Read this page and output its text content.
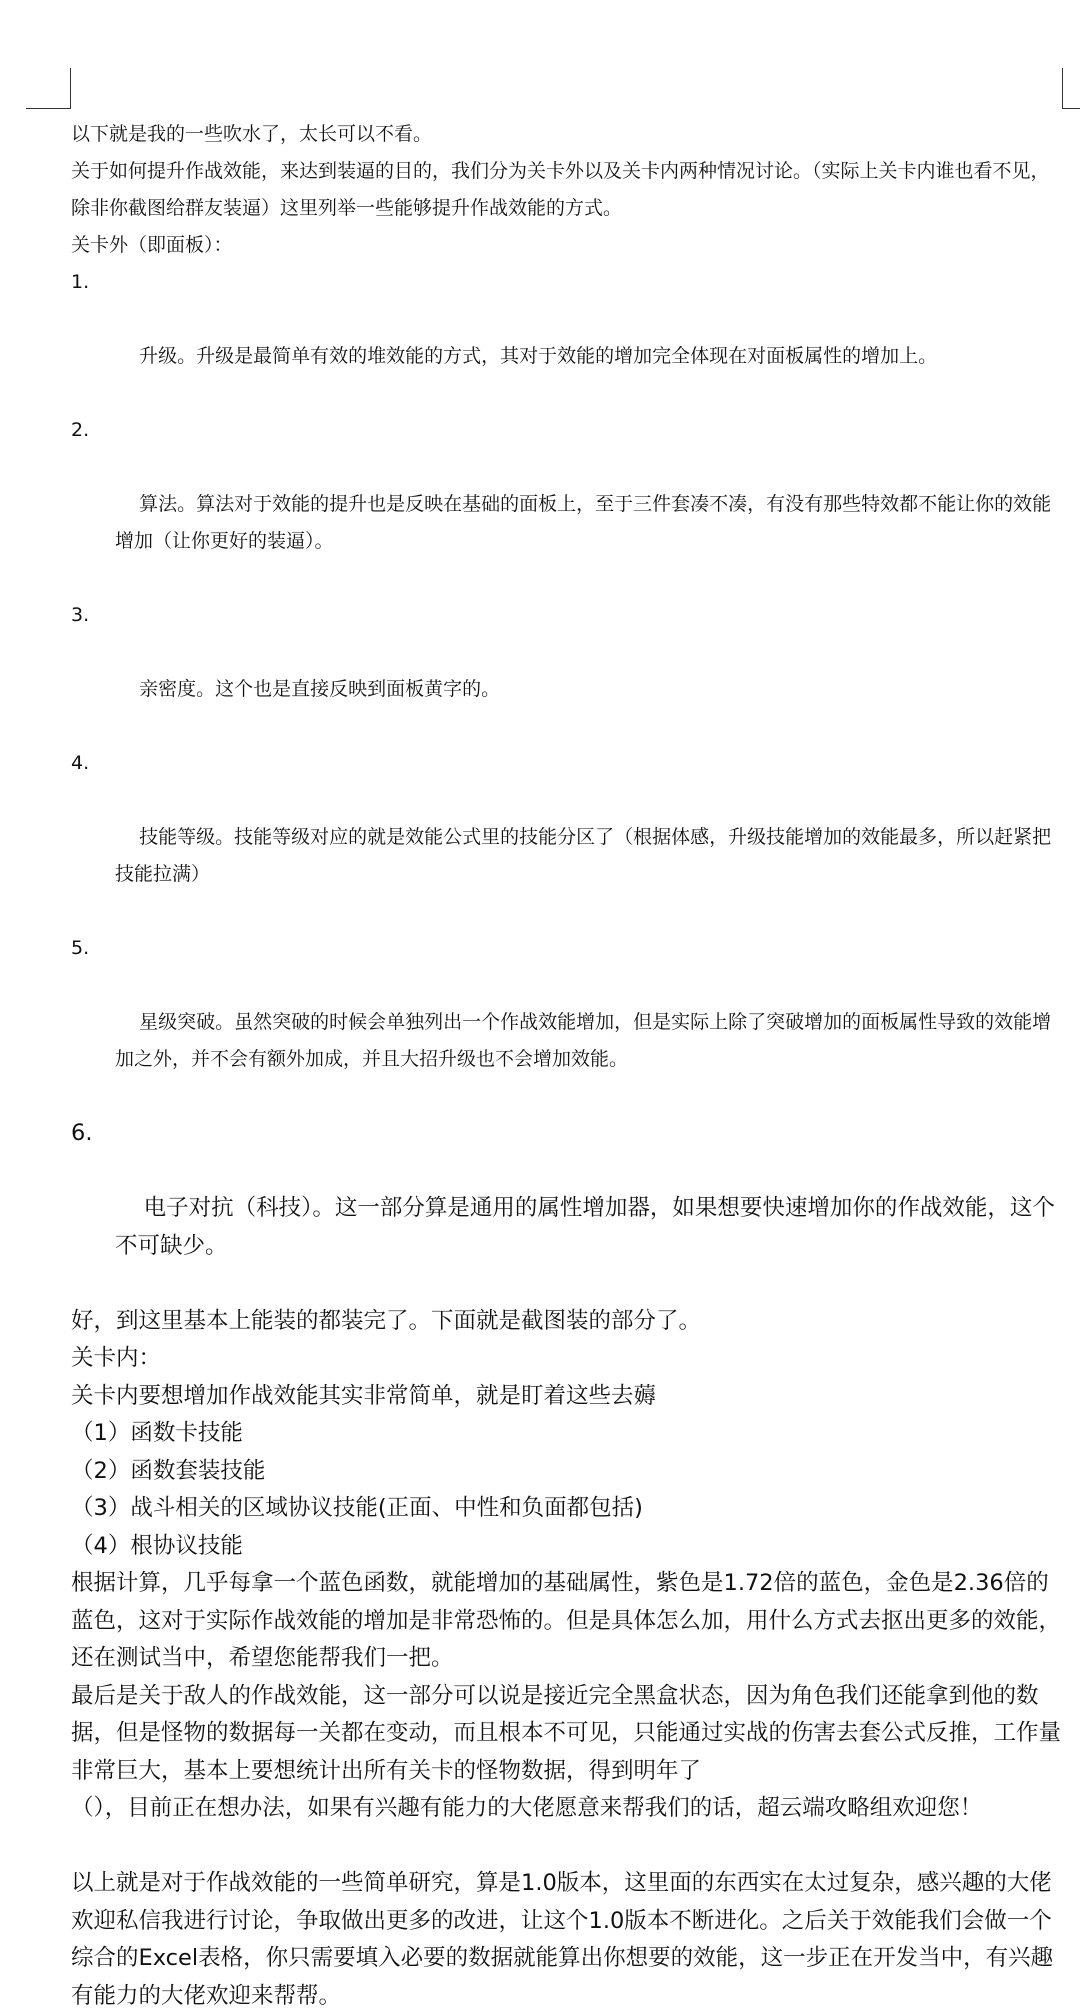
以下就是我的一些吹水了，太长可以不看。

关于如何提升作战效能，来达到装逼的目的，我们分为关卡外以及关卡内两种情况讨论。（实际上关卡内谁也看不见，除非你截图给群友装逼）这里列举一些能够提升作战效能的方式。

关卡外（即面板）：

1.

升级。升级是最简单有效的堆效能的方式，其对于效能的增加完全体现在对面板属性的增加上。

2.

算法。算法对于效能的提升也是反映在基础的面板上，至于三件套凑不凑，有没有那些特效都不能让你的效能增加（让你更好的装逼）。

3.

亲密度。这个也是直接反映到面板黄字的。

4.

技能等级。技能等级对应的就是效能公式里的技能分区了（根据体感，升级技能增加的效能最多，所以赶紧把技能拉满）

5.

星级突破。虽然突破的时候会单独列出一个作战效能增加，但是实际上除了突破增加的面板属性导致的效能增加之外，并不会有额外加成，并且大招升级也不会增加效能。

6.

电子对抗（科技）。这一部分算是通用的属性增加器，如果想要快速增加你的作战效能，这个不可缺少。

好，到这里基本上能装的都装完了。下面就是截图装的部分了。

关卡内：

关卡内要想增加作战效能其实非常简单，就是盯着这些去薅

（1）函数卡技能

（2）函数套装技能

（3）战斗相关的区域协议技能(正面、中性和负面都包括)

（4）根协议技能

根据计算，几乎每拿一个蓝色函数，就能增加的基础属性，紫色是1.72倍的蓝色，金色是2.36倍的蓝色，这对于实际作战效能的增加是非常恐怖的。但是具体怎么加，用什么方式去抠出更多的效能，还在测试当中，希望您能帮我们一把。

最后是关于敌人的作战效能，这一部分可以说是接近完全黑盒状态，因为角色我们还能拿到他的数据，但是怪物的数据每一关都在变动，而且根本不可见，只能通过实战的伤害去套公式反推，工作量非常巨大，基本上要想统计出所有关卡的怪物数据，得到明年了

（），目前正在想办法，如果有兴趣有能力的大佬愿意来帮我们的话，超云端攻略组欢迎您！

以上就是对于作战效能的一些简单研究，算是1.0版本，这里面的东西实在太过复杂，感兴趣的大佬欢迎私信我进行讨论，争取做出更多的改进，让这个1.0版本不断进化。之后关于效能我们会做一个综合的Excel表格，你只需要填入必要的数据就能算出你想要的效能，这一步正在开发当中，有兴趣有能力的大佬欢迎来帮帮。
